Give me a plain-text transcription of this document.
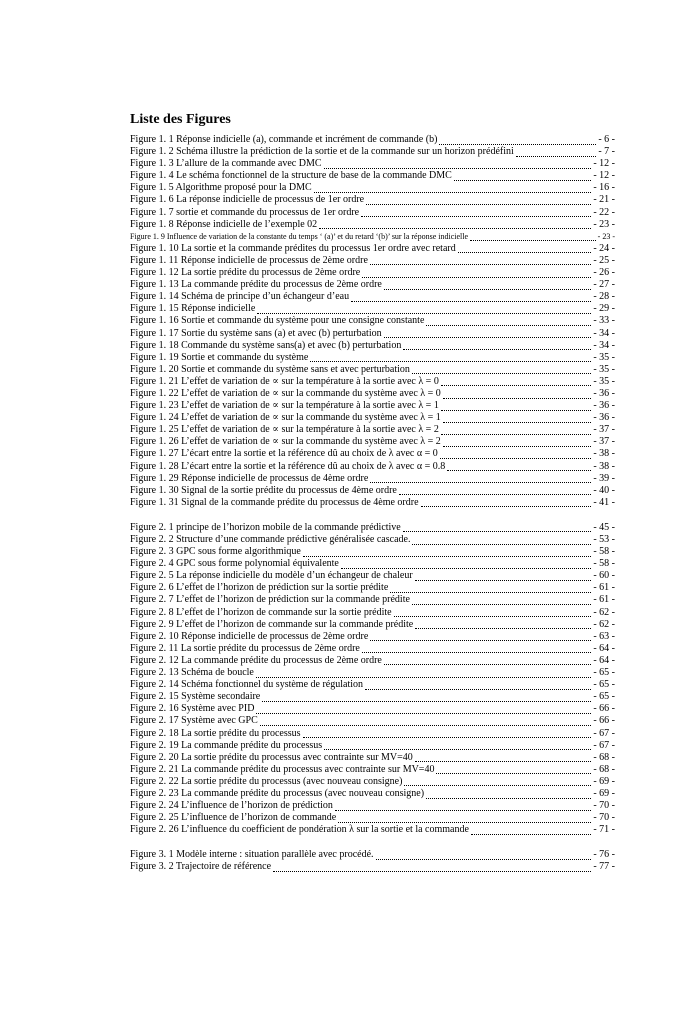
Liste des Figures
Figure 1. 1 Réponse indicielle (a), commande et incrément de commande (b)	- 6 -
Figure 1. 2 Schéma illustre la prédiction de la sortie et de la commande sur un horizon prédéfini	- 7 -
Figure 1. 3 L’allure de la commande avec DMC	- 12 -
Figure 1. 4 Le schéma fonctionnel de la structure de base de la commande DMC	- 12 -
Figure 1. 5 Algorithme proposé pour la DMC	- 16 -
Figure 1. 6 La réponse indicielle de processus de 1er ordre	- 21 -
Figure 1. 7 sortie et commande du processus de 1er ordre	- 22 -
Figure 1. 8 Réponse indicielle de l’exemple 02	- 23 -
Figure 1. 9 Influence de variation de la constante du temps ‘ (a)’ et du retard ‘(b)’ sur la réponse indicielle	- 23 -
Figure 1. 10 La sortie et la commande prédites du processus 1er ordre avec retard	- 24 -
Figure 1. 11 Réponse indicielle de processus de 2ème ordre	- 25 -
Figure 1. 12 La sortie prédite du processus de 2ème ordre	- 26 -
Figure 1. 13 La commande prédite du processus de 2ème ordre	- 27 -
Figure 1. 14 Schéma de principe d’un échangeur d’eau	- 28 -
Figure 1. 15 Réponse indicielle	- 29 -
Figure 1. 16 Sortie et commande du système pour une consigne constante	- 33 -
Figure 1. 17 Sortie du système sans (a) et avec (b) perturbation	- 34 -
Figure 1. 18 Commande du système sans(a) et avec (b) perturbation	- 34 -
Figure 1. 19 Sortie et commande du système	- 35 -
Figure 1. 20 Sortie et commande du système sans et avec perturbation	- 35 -
Figure 1. 21 L’effet de variation de ∝ sur la température à la sortie avec λ = 0	- 35 -
Figure 1. 22 L’effet de variation de ∝ sur la commande du système avec λ = 0	- 36 -
Figure 1. 23 L’effet de variation de ∝ sur la température à la sortie avec λ = 1	- 36 -
Figure 1. 24 L’effet de variation de ∝ sur la commande du système avec λ = 1	- 36 -
Figure 1. 25 L’effet de variation de ∝ sur la température à la sortie avec λ = 2	- 37 -
Figure 1. 26 L’effet de variation de ∝ sur la commande du système avec λ = 2	- 37 -
Figure 1. 27 L’écart entre la sortie et la référence dû au choix de λ avec α = 0	- 38 -
Figure 1. 28 L’écart entre la sortie et la référence dû au choix de λ avec α = 0.8	- 38 -
Figure 1. 29 Réponse indicielle de processus de 4ème ordre	- 39 -
Figure 1. 30 Signal de la sortie prédite du processus de 4ème ordre	- 40 -
Figure 1. 31 Signal de la commande prédite du processus de 4ème ordre	- 41 -
Figure 2. 1 principe de l’horizon mobile de la commande prédictive	- 45 -
Figure 2. 2 Structure d’une commande prédictive généralisée cascade.	- 53 -
Figure 2. 3 GPC sous forme algorithmique	- 58 -
Figure 2. 4 GPC sous forme polynomial équivalente	- 58 -
Figure 2. 5 La réponse indicielle du modèle d’un échangeur de chaleur	- 60 -
Figure 2. 6 L’effet de l’horizon de prédiction sur la sortie prédite	- 61 -
Figure 2. 7 L’effet de l’horizon de prédiction sur la commande prédite	- 61 -
Figure 2. 8 L’effet de l’horizon de commande sur la sortie prédite	- 62 -
Figure 2. 9 L’effet de l’horizon de commande sur la commande prédite	- 62 -
Figure 2. 10 Réponse indicielle de processus de 2ème ordre	- 63 -
Figure 2. 11 La sortie prédite du processus de 2ème ordre	- 64 -
Figure 2. 12 La commande prédite du processus de 2ème ordre	- 64 -
Figure 2. 13 Schéma de boucle	- 65 -
Figure 2. 14 Schéma fonctionnel du système de régulation	- 65 -
Figure 2. 15 Système secondaire	- 65 -
Figure 2. 16 Système avec PID	- 66 -
Figure 2. 17 Système avec GPC	- 66 -
Figure 2. 18 La sortie prédite du processus	- 67 -
Figure 2. 19 La commande prédite du processus	- 67 -
Figure 2. 20 La sortie prédite du processus avec contrainte sur MV=40	- 68 -
Figure 2. 21 La commande prédite du processus avec contrainte sur MV=40	- 68 -
Figure 2. 22 La sortie prédite du processus (avec nouveau consigne)	- 69 -
Figure 2. 23 La commande prédite du processus (avec nouveau consigne)	- 69 -
Figure 2. 24 L’influence de l’horizon de prédiction	- 70 -
Figure 2. 25 L’influence de l’horizon de commande	- 70 -
Figure 2. 26 L’influence du coefficient de pondération λ sur la sortie et la commande	- 71 -
Figure 3. 1 Modèle interne : situation parallèle avec procédé.	- 76 -
Figure 3. 2 Trajectoire de référence	- 77 -
